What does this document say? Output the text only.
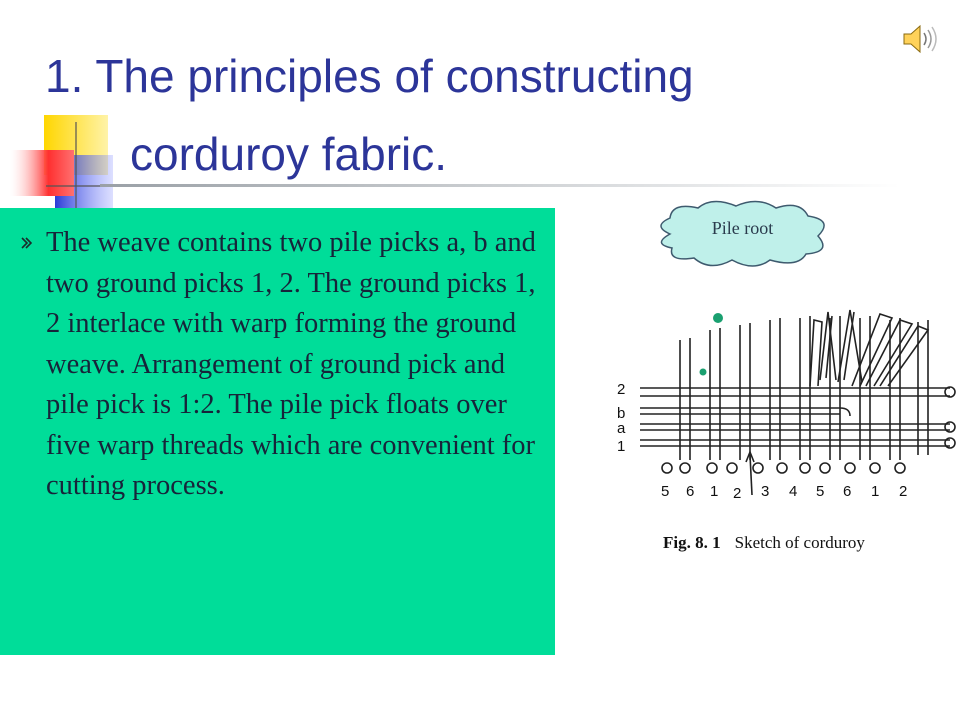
1. The principles of constructing
corduroy fabric.

The weave contains two pile picks a, b and two ground picks 1, 2. The ground picks 1, 2 interlace with warp forming the ground weave. Arrangement of ground pick and pile pick is 1:2. The pile pick floats over five warp threads which are convenient for cutting process.

Pile root
2
b
a
1
5 6 1 2 3 4 5 6 1 2
Fig. 8. 1 Sketch of corduroy
